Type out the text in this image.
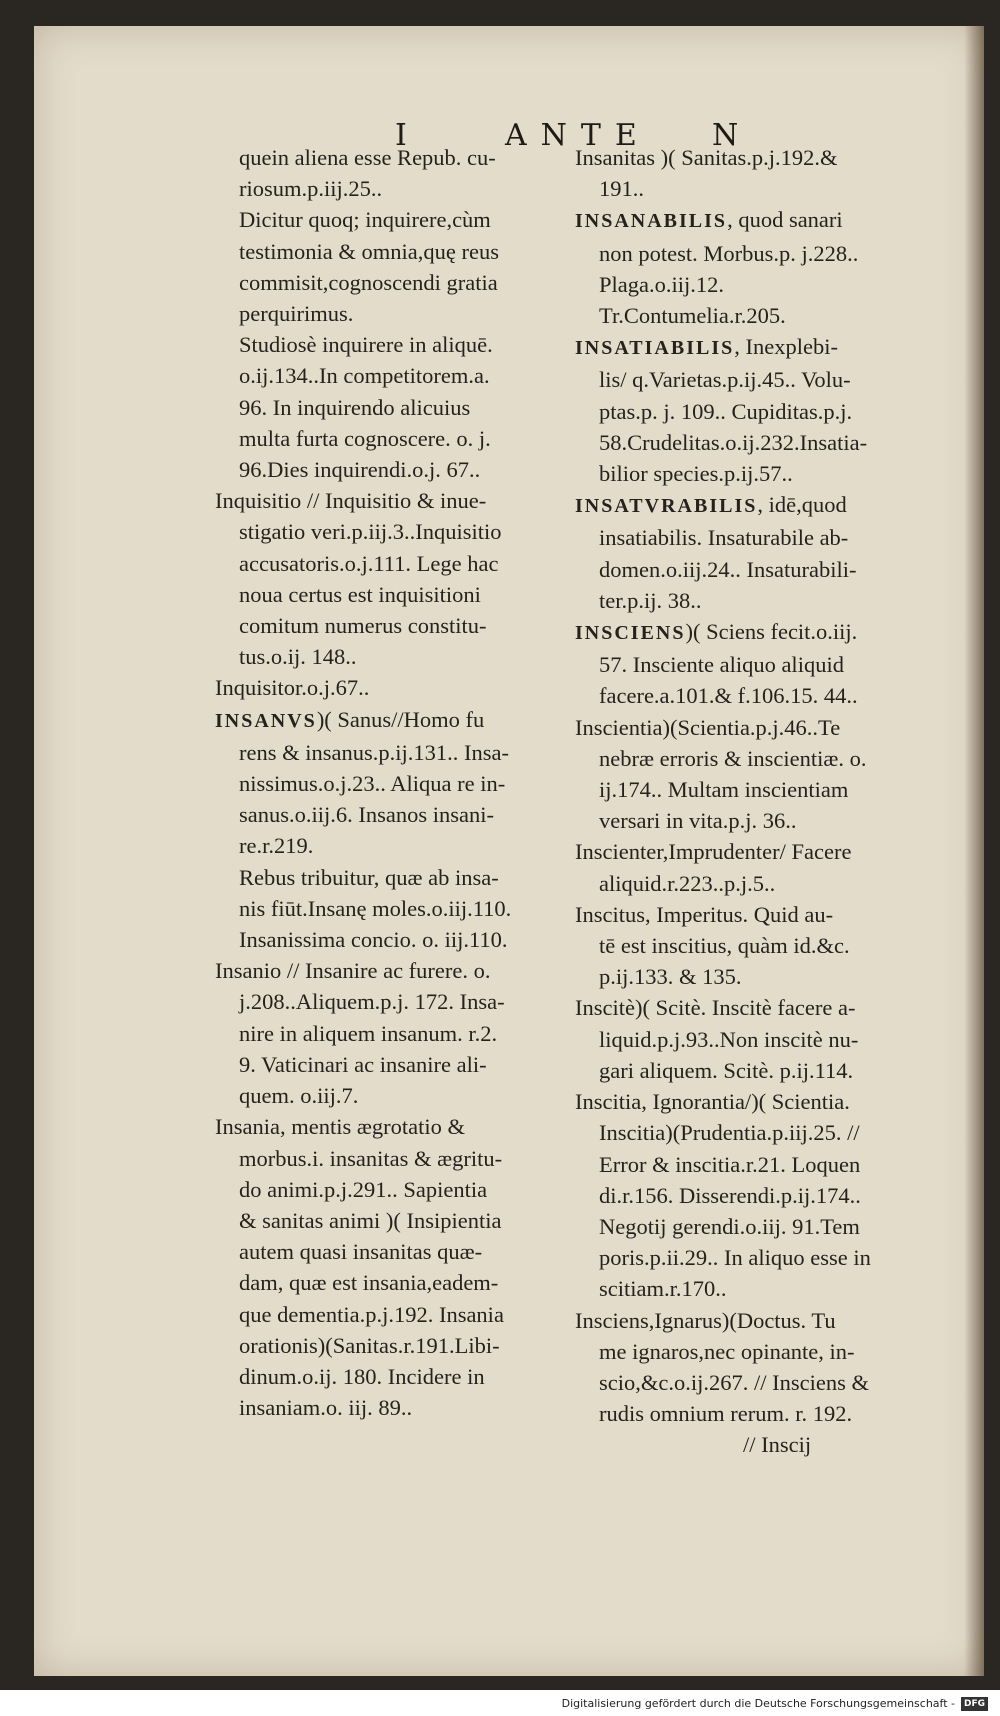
I	ANTE N
quein aliena esse Repub. cu-
riosum.p.iij.25..
Dicitur quoq; inquirere,cùm
testimonia & omnia,quę reus
commisit,cognoscendi gratia
perquirimus.
Studiosè inquirere in aliquē.
o.ij.134..In competitorem.a.
96. In inquirendo alicuius
multa furta cognoscere. o. j.
96.Dies inquirendi.o.j. 67..
Inquisitio // Inquisitio & inue-
stigatio veri.p.iij.3..Inquisitio
accusatoris.o.j.111. Lege hac
noua certus est inquisitioni
comitum numerus constitu-
tus.o.ij. 148..
Inquisitor.o.j.67..
INSANVS)( Sanus//Homo fu
rens & insanus.p.ij.131.. Insa-
nissimus.o.j.23.. Aliqua re in-
sanus.o.iij.6. Insanos insani-
re.r.219.
Rebus tribuitur, quæ ab insa-
nis fiūt.Insanę moles.o.iij.110.
Insanissima concio. o. iij.110.
Insanio // Insanire ac furere. o.
j.208..Aliquem.p.j. 172. Insa-
nire in aliquem insanum. r.2.
9. Vaticinari ac insanire ali-
quem. o.iij.7.
Insania, mentis ægrotatio &
morbus.i. insanitas & ægritu-
do animi.p.j.291.. Sapientia
& sanitas animi )( Insipientia
autem quasi insanitas quæ-
dam, quæ est insania,eadem-
que dementia.p.j.192. Insania
orationis)(Sanitas.r.191.Libi-
dinum.o.ij. 180. Incidere in
insaniam.o. iij. 89..
Insanitas )( Sanitas.p.j.192.&
191..
INSANABILIS, quod sanari
non potest. Morbus.p. j.228..
Plaga.o.iij.12.
Tr.Contumelia.r.205.
INSATIABILIS, Inexplebi-
lis/ q.Varietas.p.ij.45.. Volu-
ptas.p. j. 109.. Cupiditas.p.j.
58.Crudelitas.o.ij.232.Insatia-
bilior species.p.ij.57..
INSATVRABILIS, idē,quod
insatiabilis. Insaturabile ab-
domen.o.iij.24.. Insaturabili-
ter.p.ij. 38..
INSCIENS)( Sciens fecit.o.iij.
57. Insciente aliquo aliquid
facere.a.101.& f.106.15. 44..
Inscientia)(Scientia.p.j.46..Te
nebræ erroris & inscientiæ. o.
ij.174.. Multam inscientiam
versari in vita.p.j. 36..
Inscienter,Imprudenter/ Facere
aliquid.r.223..p.j.5..
Inscitus, Imperitus. Quid au-
tē est inscitius, quàm id.&c.
p.ij.133. & 135.
Inscitè)( Scitè. Inscitè facere a-
liquid.p.j.93..Non inscitè nu-
gari aliquem. Scitè. p.ij.114.
Inscitia, Ignorantia/)( Scientia.
Inscitia)(Prudentia.p.iij.25. //
Error & inscitia.r.21. Loquen
di.r.156. Disserendi.p.ij.174..
Negotij gerendi.o.iij. 91.Tem
poris.p.ii.29.. In aliquo esse in
scitiam.r.170..
Insciens,Ignarus)(Doctus. Tu
me ignaros,nec opinante, in-
scio,&c.o.ij.267. // Insciens &
rudis omnium rerum. r. 192.
// Inscij
Digitalisierung gefördert durch die Deutsche Forschungsgemeinschaft - DFG
